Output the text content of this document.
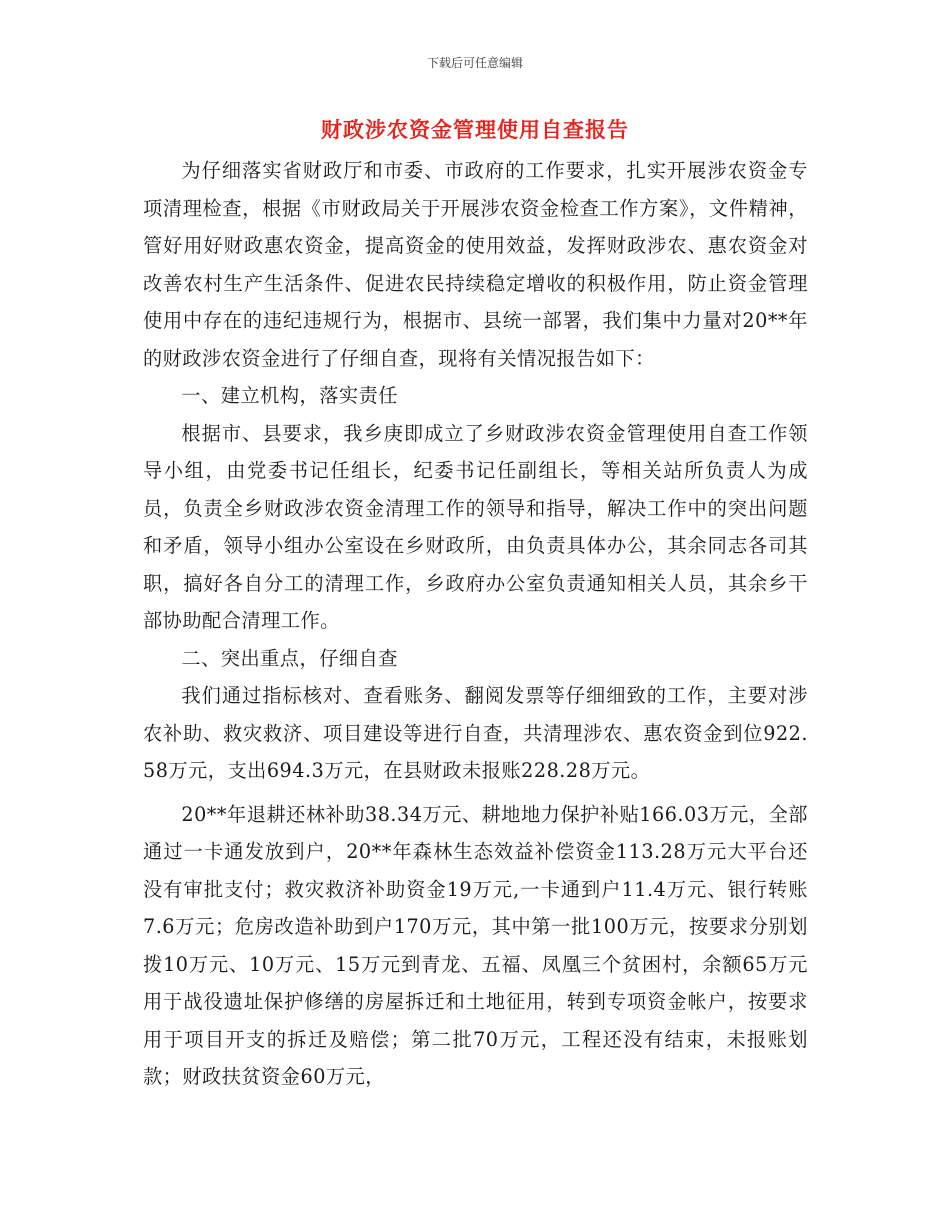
下载后可任意编辑
财政涉农资金管理使用自查报告

为仔细落实省财政厅和市委、市政府的工作要求，扎实开展涉农资金专项清理检查，根据《市财政局关于开展涉农资金检查工作方案》，文件精神，管好用好财政惠农资金，提高资金的使用效益，发挥财政涉农、惠农资金对改善农村生产生活条件、促进农民持续稳定增收的积极作用，防止资金管理使用中存在的违纪违规行为，根据市、县统一部署，我们集中力量对20**年的财政涉农资金进行了仔细自查，现将有关情况报告如下：

一、建立机构，落实责任

根据市、县要求，我乡庚即成立了乡财政涉农资金管理使用自查工作领导小组，由党委书记任组长，纪委书记任副组长，等相关站所负责人为成员，负责全乡财政涉农资金清理工作的领导和指导，解决工作中的突出问题和矛盾，领导小组办公室设在乡财政所，由负责具体办公，其余同志各司其职，搞好各自分工的清理工作，乡政府办公室负责通知相关人员，其余乡干部协助配合清理工作。

二、突出重点，仔细自查

我们通过指标核对、查看账务、翻阅发票等仔细细致的工作，主要对涉农补助、救灾救济、项目建设等进行自查，共清理涉农、惠农资金到位922.58万元，支出694.3万元，在县财政未报账228.28万元。

20**年退耕还林补助38.34万元、耕地地力保护补贴166.03万元，全部通过一卡通发放到户，20**年森林生态效益补偿资金113.28万元大平台还没有审批支付；救灾救济补助资金19万元,一卡通到户11.4万元、银行转账7.6万元；危房改造补助到户170万元，其中第一批100万元，按要求分别划拨10万元、10万元、15万元到青龙、五福、凤凰三个贫困村，余额65万元用于战役遗址保护修缮的房屋拆迁和土地征用，转到专项资金帐户，按要求用于项目开支的拆迁及赔偿；第二批70万元，工程还没有结束，未报账划款；财政扶贫资金60万元，
